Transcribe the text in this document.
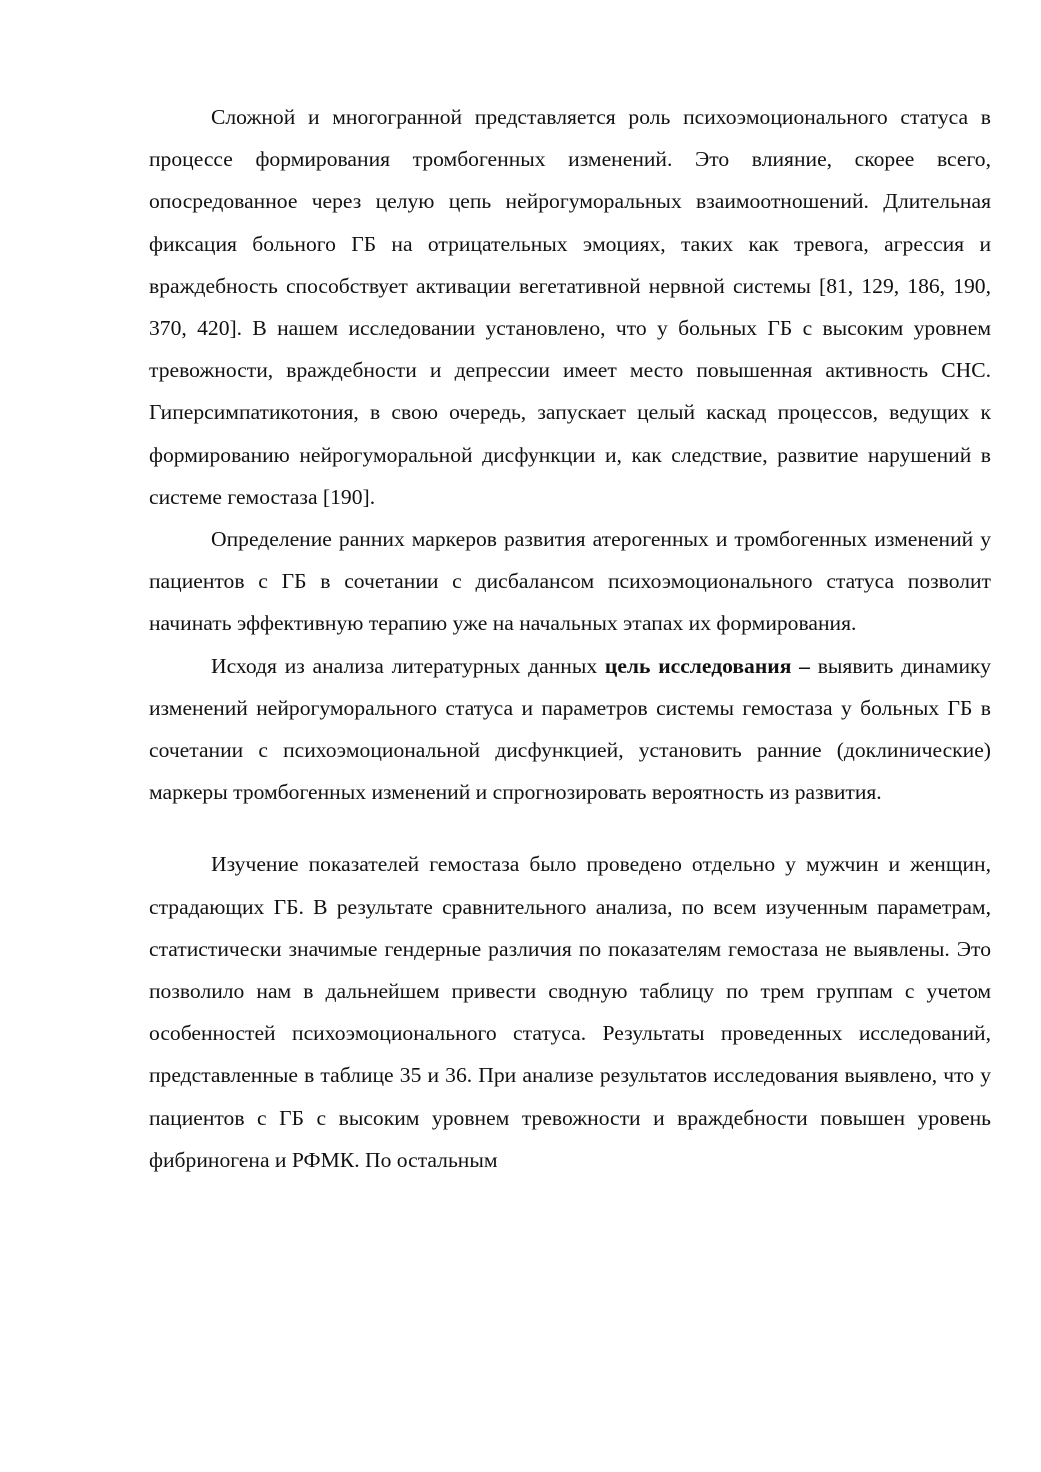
Сложной и многогранной представляется роль психоэмоционального статуса в процессе формирования тромбогенных изменений. Это влияние, скорее всего, опосредованное через целую цепь нейрогуморальных взаимоотношений. Длительная фиксация больного ГБ на отрицательных эмоциях, таких как тревога, агрессия и враждебность способствует активации вегетативной нервной системы [81, 129, 186, 190, 370, 420]. В нашем исследовании установлено, что у больных ГБ с высоким уровнем тревожности, враждебности и депрессии имеет место повышенная активность СНС. Гиперсимпатикотония, в свою очередь, запускает целый каскад процессов, ведущих к формированию нейрогуморальной дисфункции и, как следствие, развитие нарушений в системе гемостаза [190].

Определение ранних маркеров развития атерогенных и тромбогенных изменений у пациентов с ГБ в сочетании с дисбалансом психоэмоционального статуса позволит начинать эффективную терапию уже на начальных этапах их формирования.

Исходя из анализа литературных данных цель исследования – выявить динамику изменений нейрогуморального статуса и параметров системы гемостаза у больных ГБ в сочетании с психоэмоциональной дисфункцией, установить ранние (доклинические) маркеры тромбогенных изменений и спрогнозировать вероятность из развития.

Изучение показателей гемостаза было проведено отдельно у мужчин и женщин, страдающих ГБ. В результате сравнительного анализа, по всем изученным параметрам, статистически значимые гендерные различия по показателям гемостаза не выявлены. Это позволило нам в дальнейшем привести сводную таблицу по трем группам с учетом особенностей психоэмоционального статуса. Результаты проведенных исследований, представленные в таблице 35 и 36. При анализе результатов исследования выявлено, что у пациентов с ГБ с высоким уровнем тревожности и враждебности повышен уровень фибриногена и РФМК. По остальным
